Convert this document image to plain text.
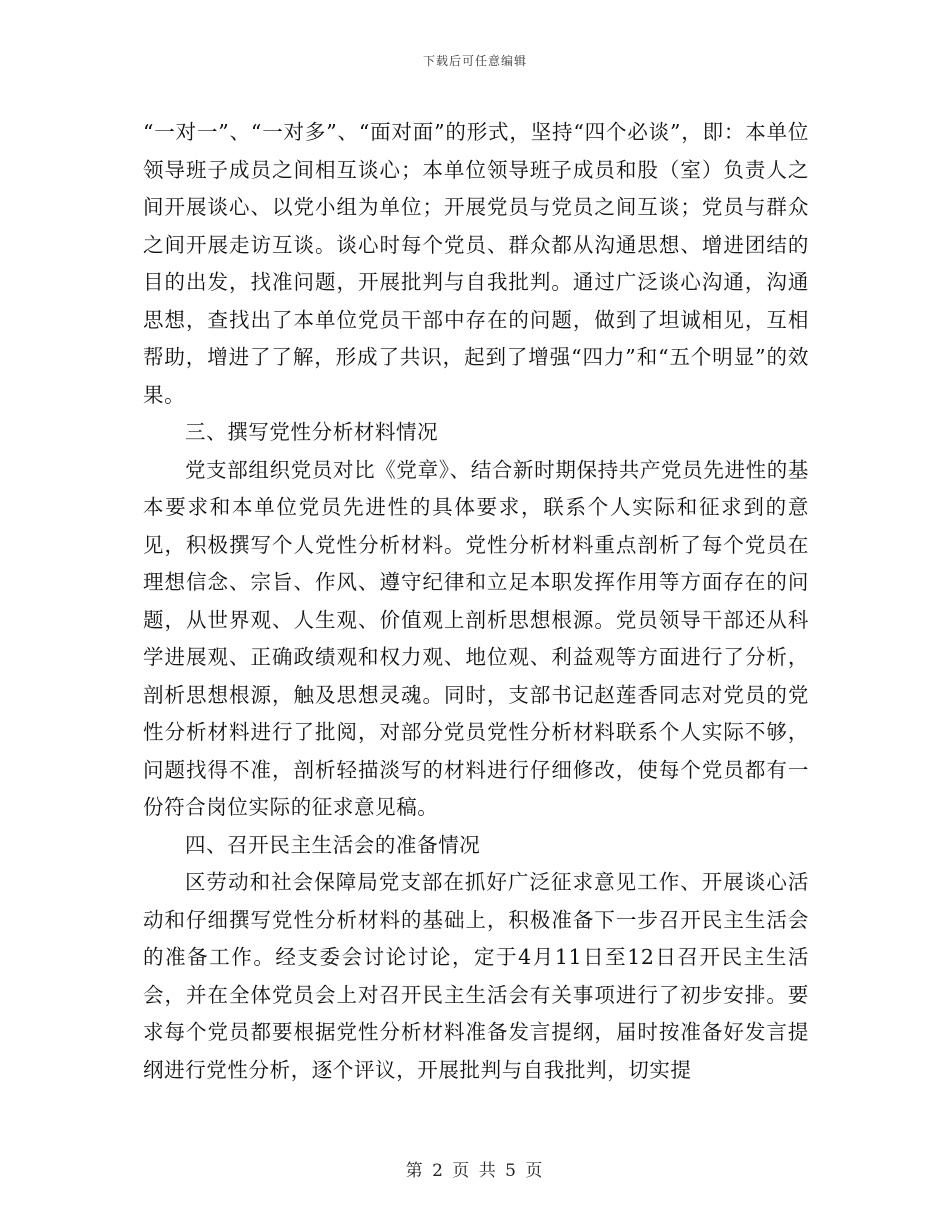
下载后可任意编辑

“一对一”、“一对多”、“面对面”的形式，坚持“四个必谈”，即：本单位领导班子成员之间相互谈心；本单位领导班子成员和股（室）负责人之间开展谈心、以党小组为单位；开展党员与党员之间互谈；党员与群众之间开展走访互谈。谈心时每个党员、群众都从沟通思想、增进团结的目的出发，找准问题，开展批判与自我批判。通过广泛谈心沟通，沟通思想，查找出了本单位党员干部中存在的问题，做到了坦诚相见，互相帮助，增进了了解，形成了共识，起到了增强“四力”和“五个明显”的效果。

三、撰写党性分析材料情况

党支部组织党员对比《党章》、结合新时期保持共产党员先进性的基本要求和本单位党员先进性的具体要求，联系个人实际和征求到的意见，积极撰写个人党性分析材料。党性分析材料重点剖析了每个党员在理想信念、宗旨、作风、遵守纪律和立足本职发挥作用等方面存在的问题，从世界观、人生观、价值观上剖析思想根源。党员领导干部还从科学进展观、正确政绩观和权力观、地位观、利益观等方面进行了分析，剖析思想根源，触及思想灵魂。同时，支部书记赵莲香同志对党员的党性分析材料进行了批阅，对部分党员党性分析材料联系个人实际不够，问题找得不准，剖析轻描淡写的材料进行仔细修改，使每个党员都有一份符合岗位实际的征求意见稿。

四、召开民主生活会的准备情况

区劳动和社会保障局党支部在抓好广泛征求意见工作、开展谈心活动和仔细撰写党性分析材料的基础上，积极准备下一步召开民主生活会的准备工作。经支委会讨论讨论，定于4月11日至12日召开民主生活会，并在全体党员会上对召开民主生活会有关事项进行了初步安排。要求每个党员都要根据党性分析材料准备发言提纲，届时按准备好发言提纲进行党性分析，逐个评议，开展批判与自我批判，切实提

第 2 页 共 5 页
